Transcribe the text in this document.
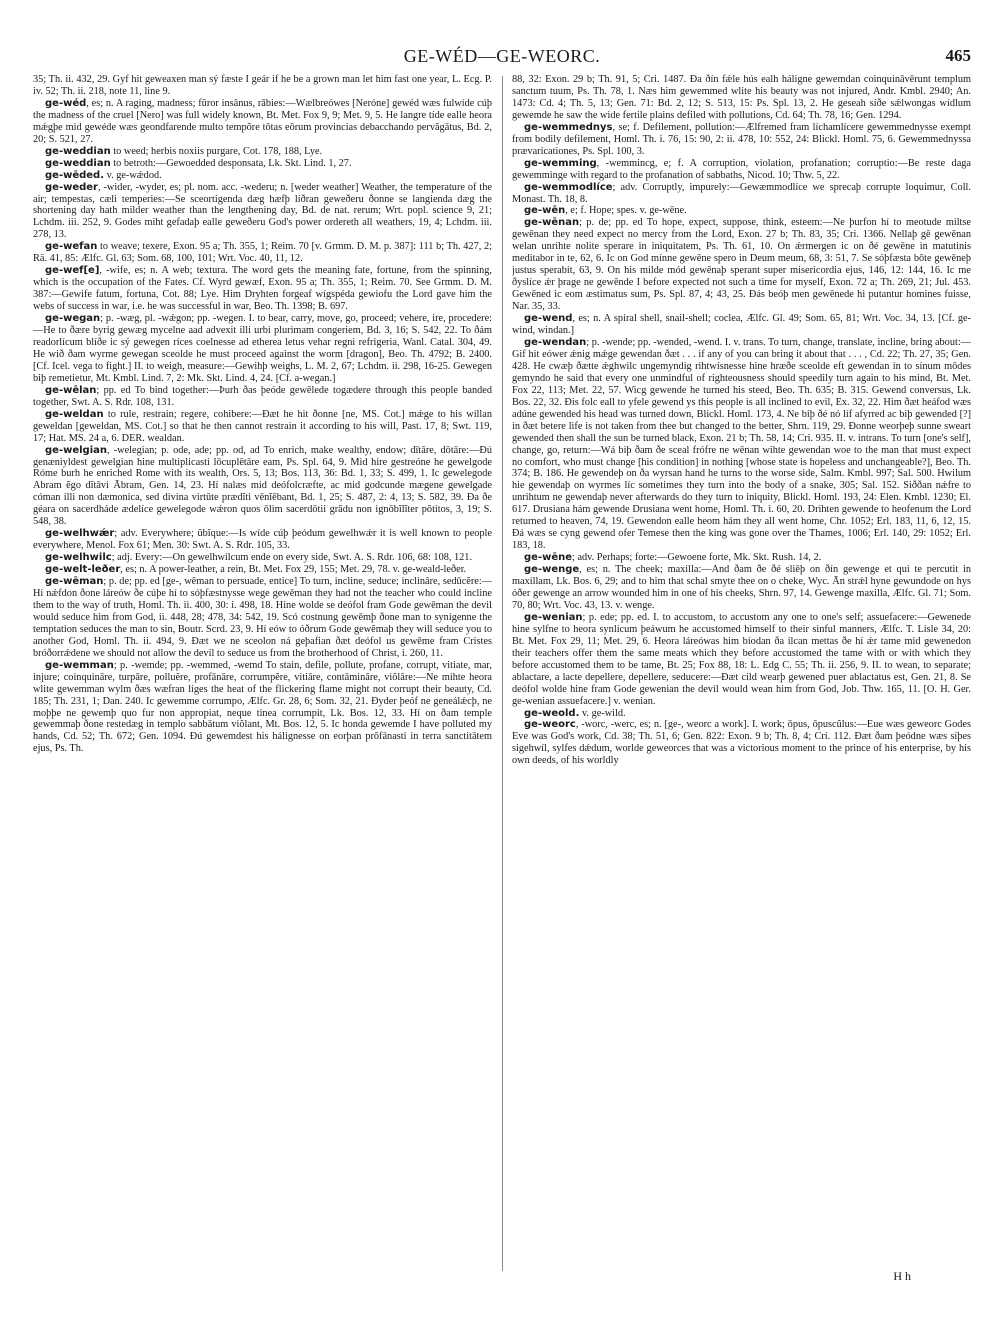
GE-WÉD—GE-WEORC.	465

35; Th. ii. 432, 29. Gyf hit geweaxen man sý fæste I geár if he be a grown man let him fast one year, L. Ecg. P. iv. 52; Th. ii. 218, note 11, line 9.

ge-wéd, es; n. A raging, madness; fūror insānus, rābies:—Wælbreówes [Neróne] gewéd wæs fulwíde cúþ the madness of the cruel [Nero] was full widely known, Bt. Met. Fox 9, 9; Met. 9, 5. He langre tíde ealle heora mǽgþe mid gewéde wæs geondfarende multo tempŏre tōtas eōrum provincias debacchando pervăgātus, Bd. 2, 20; S. 521, 27.

ge-weddian to weed; herbis noxiis purgare, Cot. 178, 188, Lye.

ge-weddian to betroth:—Gewoedded desponsata, Lk. Skt. Lind. 1, 27.

ge-wēded. v. ge-wǽdod.

ge-weder, -wider, -wyder, es; pl. nom. acc. -wederu; n. [weder weather] Weather, the temperature of the air; tempestas, cæli temperies:—Se sceortigenda dæg hæfþ líðran geweðeru ðonne se langienda dæg the shortening day hath milder weather than the lengthening day, Bd. de nat. rerum; Wrt. popl. science 9, 21; Lchdm. iii. 252, 9. Godes miht gefadaþ ealle geweðeru God's power ordereth all weathers, 19, 4; Lchdm. iii. 278, 13.

ge-wefan to weave; texere, Exon. 95 a; Th. 355, 1; Reim. 70 [v. Grmm. D. M. p. 387]: 111 b; Th. 427, 2; Rä. 41, 85: Ælfc. Gl. 63; Som. 68, 100, 101; Wrt. Voc. 40, 11, 12.

ge-wef[e], -wife, es; n. A web; textura. The word gets the meaning fate, fortune, from the spinning, which is the occupation of the Fates. Cf. Wyrd gewæf, Exon. 95 a; Th. 355, 1; Reim. 70. See Grmm. D. M. 387:—Gewife fatum, fortuna, Cot. 88; Lye. Him Dryhten forgeaf wígspéda gewiofu the Lord gave him the webs of success in war, i.e. he was successful in war, Beo. Th. 1398; B. 697.

ge-wegan; p. -wæg, pl. -wǽgon; pp. -wegen. I. to bear, carry, move, go, proceed; vehere, ire, procedere:—He to ðære byrig gewæg mycelne aad advexit illi urbi plurimam congeriem, Bd. 3, 16; S. 542, 22. To ðám readorlícum blíðe ic sý gewegen ríces coelnesse ad etherea letus vehar regni refrigeria, Wanl. Catal. 304, 49. He wið ðam wyrme gewegan sceolde he must proceed against the worm [dragon], Beo. Th. 4792; B. 2400. [Cf. Icel. vega to fight.] II. to weigh, measure:—Gewihþ weighs, L. M. 2, 67; Lchdm. ii. 298, 16-25. Gewegen biþ remetietur, Mt. Kmbl. Lind. 7, 2: Mk. Skt. Lind. 4, 24. [Cf. a-wegan.]

ge-wēlan; pp. ed To bind together:—Þurh ðas þeóde gewēlede togædere through this people banded together, Swt. A. S. Rdr. 108, 131.

ge-weldan to rule, restrain; regere, cohibere:—Ðæt he hit ðonne [ne, MS. Cot.] mǽge to his willan geweldan [geweldan, MS. Cot.] so that he then cannot restrain it according to his will, Past. 17, 8; Swt. 119, 17; Hat. MS. 24 a, 6. DER. wealdan.

ge-welgian, -welegian; p. ode, ade; pp. od, ad To enrich, make wealthy, endow; dītāre, dōtāre:—Ðú genæniyldest gewelgian hine multiplicasti lōcuplētāre eam, Ps. Spl. 64, 9. Mid hire gestreóne he gewelgode Róme burh he enriched Rome with its wealth, Ors. 5, 13; Bos. 113, 36: Bd. 1, 33; S. 499, 1. Ic gewelegode Abram ĕgo dĭtāvi Ābram, Gen. 14, 23. Hí nalæs mid deófolcræfte, ac mid godcunde mægene gewelgade cóman illi non dæmonica, sed divina virtūte prædĭti vēnĭēbant, Bd. 1, 25; S. 487, 2: 4, 13; S. 582, 39. Ða ðe géara on sacerdháde ædelíce gewelegode wǽron quos ōlim sacerdōtii grădu non ignōbĭlĭter pŏtitos, 3, 19; S. 548, 38.

ge-welhwǽr; adv. Everywhere; ŭbĭque:—Is wíde cúþ þeódum gewelhwǽr it is well known to people everywhere, Menol. Fox 61; Men. 30: Swt. A. S. Rdr. 105, 33.

ge-welhwilc; adj. Every:—On gewelhwilcum ende on every side, Swt. A. S. Rdr. 106, 68: 108, 121.

ge-welt-leðer, es; n. A power-leather, a rein, Bt. Met. Fox 29, 155; Met. 29, 78. v. ge-weald-leðer.

ge-wēman; p. de; pp. ed [ge-, wēman to persuade, entice] To turn, incline, seduce; inclināre, sedūcĕre:—Hí nǽfdon ðone láreów ðe cúþe hí to sóþfæstnysse wege gewēman they had not the teacher who could incline them to the way of truth, Homl. Th. ii. 400, 30: i. 498, 18. Hine wolde se deófol fram Gode gewēman the devil would seduce him from God, ii. 448, 28; 478, 34: 542, 19. Scó costnung gewēmþ ðone man to synigenne the temptation seduces the man to sin, Boutr. Scrd. 23, 9. Hí eów to óðrum Gode gewēmaþ they will seduce you to another God, Homl. Th. ii. 494, 9. Ðæt we ne sceolon ná geþafian ðæt deófol us gewēme fram Cristes bróðorrǽdene we should not allow the devil to seduce us from the brotherhood of Christ, i. 260, 11.

ge-wemman; p. -wemde; pp. -wemmed, -wemd To stain, defile, pollute, profane, corrupt, vitiate, mar, injure; coinquināre, turpāre, polluĕre, profānāre, corrumpĕre, vitiāre, contāmināre, viŏlāre:—Ne mihte heora wlite gewemman wylm ðæs wæfran líges the heat of the flickering flame might not corrupt their beauty, Cd. 185; Th. 231, 1; Dan. 240. Ic gewemme corrumpo, Ælfc. Gr. 28, 6; Som. 32, 21. Ðyder þeóf ne geneálǽcþ, ne moþþe ne gewemþ quo fur non appropiat, neque tinea corrumpit, Lk. Bos. 12, 33. Hí on ðam temple gewemmaþ ðone restedæg in templo sabbātum viŏlant, Mt. Bos. 12, 5. Ic honda gewemde I have polluted my hands, Cd. 52; Th. 672; Gen. 1094. Ðú gewemdest his hálignesse on eorþan prŏfānasti in terra sanctitātem ejus, Ps. Th.

88, 32: Exon. 29 b; Th. 91, 5; Cri. 1487. Ða ðín fǽle hús ealh háligne gewemdan coinquināvērunt templum sanctum tuum, Ps. Th. 78, 1. Næs him gewemmed wlite his beauty was not injured, Andr. Kmbl. 2940; An. 1473: Cd. 4; Th. 5, 13; Gen. 71: Bd. 2, 12; S. 513, 15: Ps. Spl. 13, 2. He geseah síðe sǽlwongas wídlum gewemde he saw the wide fertile plains defiled with pollutions, Cd. 64; Th. 78, 16; Gen. 1294.

ge-wemmednys, se; f. Defilement, pollution:—Ælfremed fram líchamlícere gewemmednysse exempt from bodily defilement, Homl. Th. i. 76, 15: 90, 2: ii. 478, 10: 552, 24: Blickl. Homl. 75, 6. Gewemmednyssa prævaricationes, Ps. Spl. 100, 3.

ge-wemming, -wemmincg, e; f. A corruption, violation, profanation; corruptio:—Be reste daga gewemminge with regard to the profanation of sabbaths, Nicod. 10; Thw. 5, 22.

ge-wemmodlíce; adv. Corruptly, impurely:—Gewæmmodlíce we sprecaþ corrupte loquimur, Coll. Monast. Th. 18, 8.

ge-wēn, e; f. Hope; spes. v. ge-wēne.

ge-wēnan; p. de; pp. ed To hope, expect, suppose, think, esteem:—Ne þurfon hí to meotude miltse gewēnan they need expect no mercy from the Lord, Exon. 27 b; Th. 83, 35; Cri. 1366. Nellaþ gē gewēnan welan unrihte nolite sperare in iniquitatem, Ps. Th. 61, 10. On ǽrmergen ic on ðé gewēne in matutinis meditabor in te, 62, 6. Ic on God mínne gewēne spero in Deum meum, 68, 3: 51, 7. Se sóþfæsta bōte gewēneþ justus sperabit, 63, 9. On his milde mód gewēnaþ sperant super misericordia ejus, 146, 12: 144, 16. Ic me ðyslíce ǽr þrage ne gewēnde I before expected not such a time for myself, Exon. 72 a; Th. 269, 21; Jul. 453. Gewēned ic eom æstimatus sum, Ps. Spl. 87, 4; 43, 25. Ðás beóþ men gewēnede hi putantur homines fuisse, Nar. 35, 33.

ge-wend, es; n. A spiral shell, snail-shell; coclea, Ælfc. Gl. 49; Som. 65, 81; Wrt. Voc. 34, 13. [Cf. ge-wind, windan.]

ge-wendan; p. -wende; pp. -wended, -wend. I. v. trans. To turn, change, translate, incline, bring about:—Gif hit eówer ǽnig mǽge gewendan ðæt . . . if any of you can bring it about that . . . , Cd. 22; Th. 27, 35; Gen. 428. He cwæþ ðætte ǽghwilc ungemyndig rihtwísnesse hine hræðe sceolde eft gewendan in to sínum mōdes gemyndo he said that every one unmindful of righteousness should speedily turn again to his mind, Bt. Met. Fox 22, 113; Met. 22, 57. Wicg gewende he turned his steed, Beo. Th. 635; B. 315. Gewend conversus, Lk. Bos. 22, 32. Ðis folc eall to yfele gewend ys this people is all inclined to evil, Ex. 32, 22. Him ðæt heáfod wæs adúne gewended his head was turned down, Blickl. Homl. 173, 4. Ne biþ ðé nó líf afyrred ac biþ gewended [?] in ðæt betere life is not taken from thee but changed to the better, Shrn. 119, 29. Ðonne weorþeþ sunne sweart gewended then shall the sun be turned black, Exon. 21 b; Th. 58, 14; Cri. 935. II. v. intrans. To turn [one's self], change, go, return:—Wá biþ ðam ðe sceal frófre ne wēnan wihte gewendan woe to the man that must expect no comfort, who must change [his condition] in nothing [whose state is hopeless and unchangeable?], Beo. Th. 374; B. 186. He gewendeþ on ða wyrsan hand he turns to the worse side, Salm. Kmbl. 997; Sal. 500. Hwilum hie gewendaþ on wyrmes líc sometimes they turn into the body of a snake, 305; Sal. 152. Siððan nǽfre to unrihtum ne gewendaþ never afterwards do they turn to iniquity, Blickl. Homl. 193, 24: Elen. Kmbl. 1230; El. 617. Drusiana hám gewende Drusiana went home, Homl. Th. i. 60, 20. Drihten gewende to heofenum the Lord returned to heaven, 74, 19. Gewendon ealle heom hám they all went home, Chr. 1052; Erl. 183, 11, 6, 12, 15. Ðá wæs se cyng gewend ofer Temese then the king was gone over the Thames, 1006; Erl. 140, 29: 1052; Erl. 183, 18.

ge-wēne; adv. Perhaps; forte:—Gewoene forte, Mk. Skt. Rush. 14, 2.

ge-wenge, es; n. The cheek; maxilla:—And ðam ðe ðé sliēþ on ðín gewenge et qui te percutit in maxillam, Lk. Bos. 6, 29; and to him that schal smyte thee on o cheke, Wyc. Ān strǽl hyne gewundode on hys óðer gewenge an arrow wounded him in one of his cheeks, Shrn. 97, 14. Gewenge maxilla, Ælfc. Gl. 71; Som. 70, 80; Wrt. Voc. 43, 13. v. wenge.

ge-wenian; p. ede; pp. ed. I. to accustom, to accustom any one to one's self; assuefacere:—Gewenede hine sylfne to heora synlícum þeáwum he accustomed himself to their sinful manners, Ælfc. T. Lisle 34, 20: Bt. Met. Fox 29, 11; Met. 29, 6. Heora láreówas him bíodan ða ilcan mettas ðe hí ǽr tame mid gewenedon their teachers offer them the same meats which they before accustomed the tame with or with which they before accustomed them to be tame, Bt. 25; Fox 88, 18: L. Edg C. 55; Th. ii. 256, 9. II. to wean, to separate; ablactare, a lacte depellere, depellere, seducere:—Ðæt cild wearþ gewened puer ablactatus est, Gen. 21, 8. Se deófol wolde hine fram Gode gewenian the devil would wean him from God, Job. Thw. 165, 11. [O. H. Ger. ge-wenian assuefacere.] v. wenian.

ge-weold. v. ge-wild.

ge-weorc, -worc, -werc, es; n. [ge-, weorc a work]. I. work; ōpus, ōpuscŭlus:—Eue wæs geweorc Godes Eve was God's work, Cd. 38; Th. 51, 6; Gen. 822: Exon. 9 b; Th. 8, 4; Cri. 112. Ðæt ðam þeódne wæs síþes sigehwíl, sylfes dǽdum, worlde geweorces that was a victorious moment to the prince of his enterprise, by his own deeds, of his worldly

H h
